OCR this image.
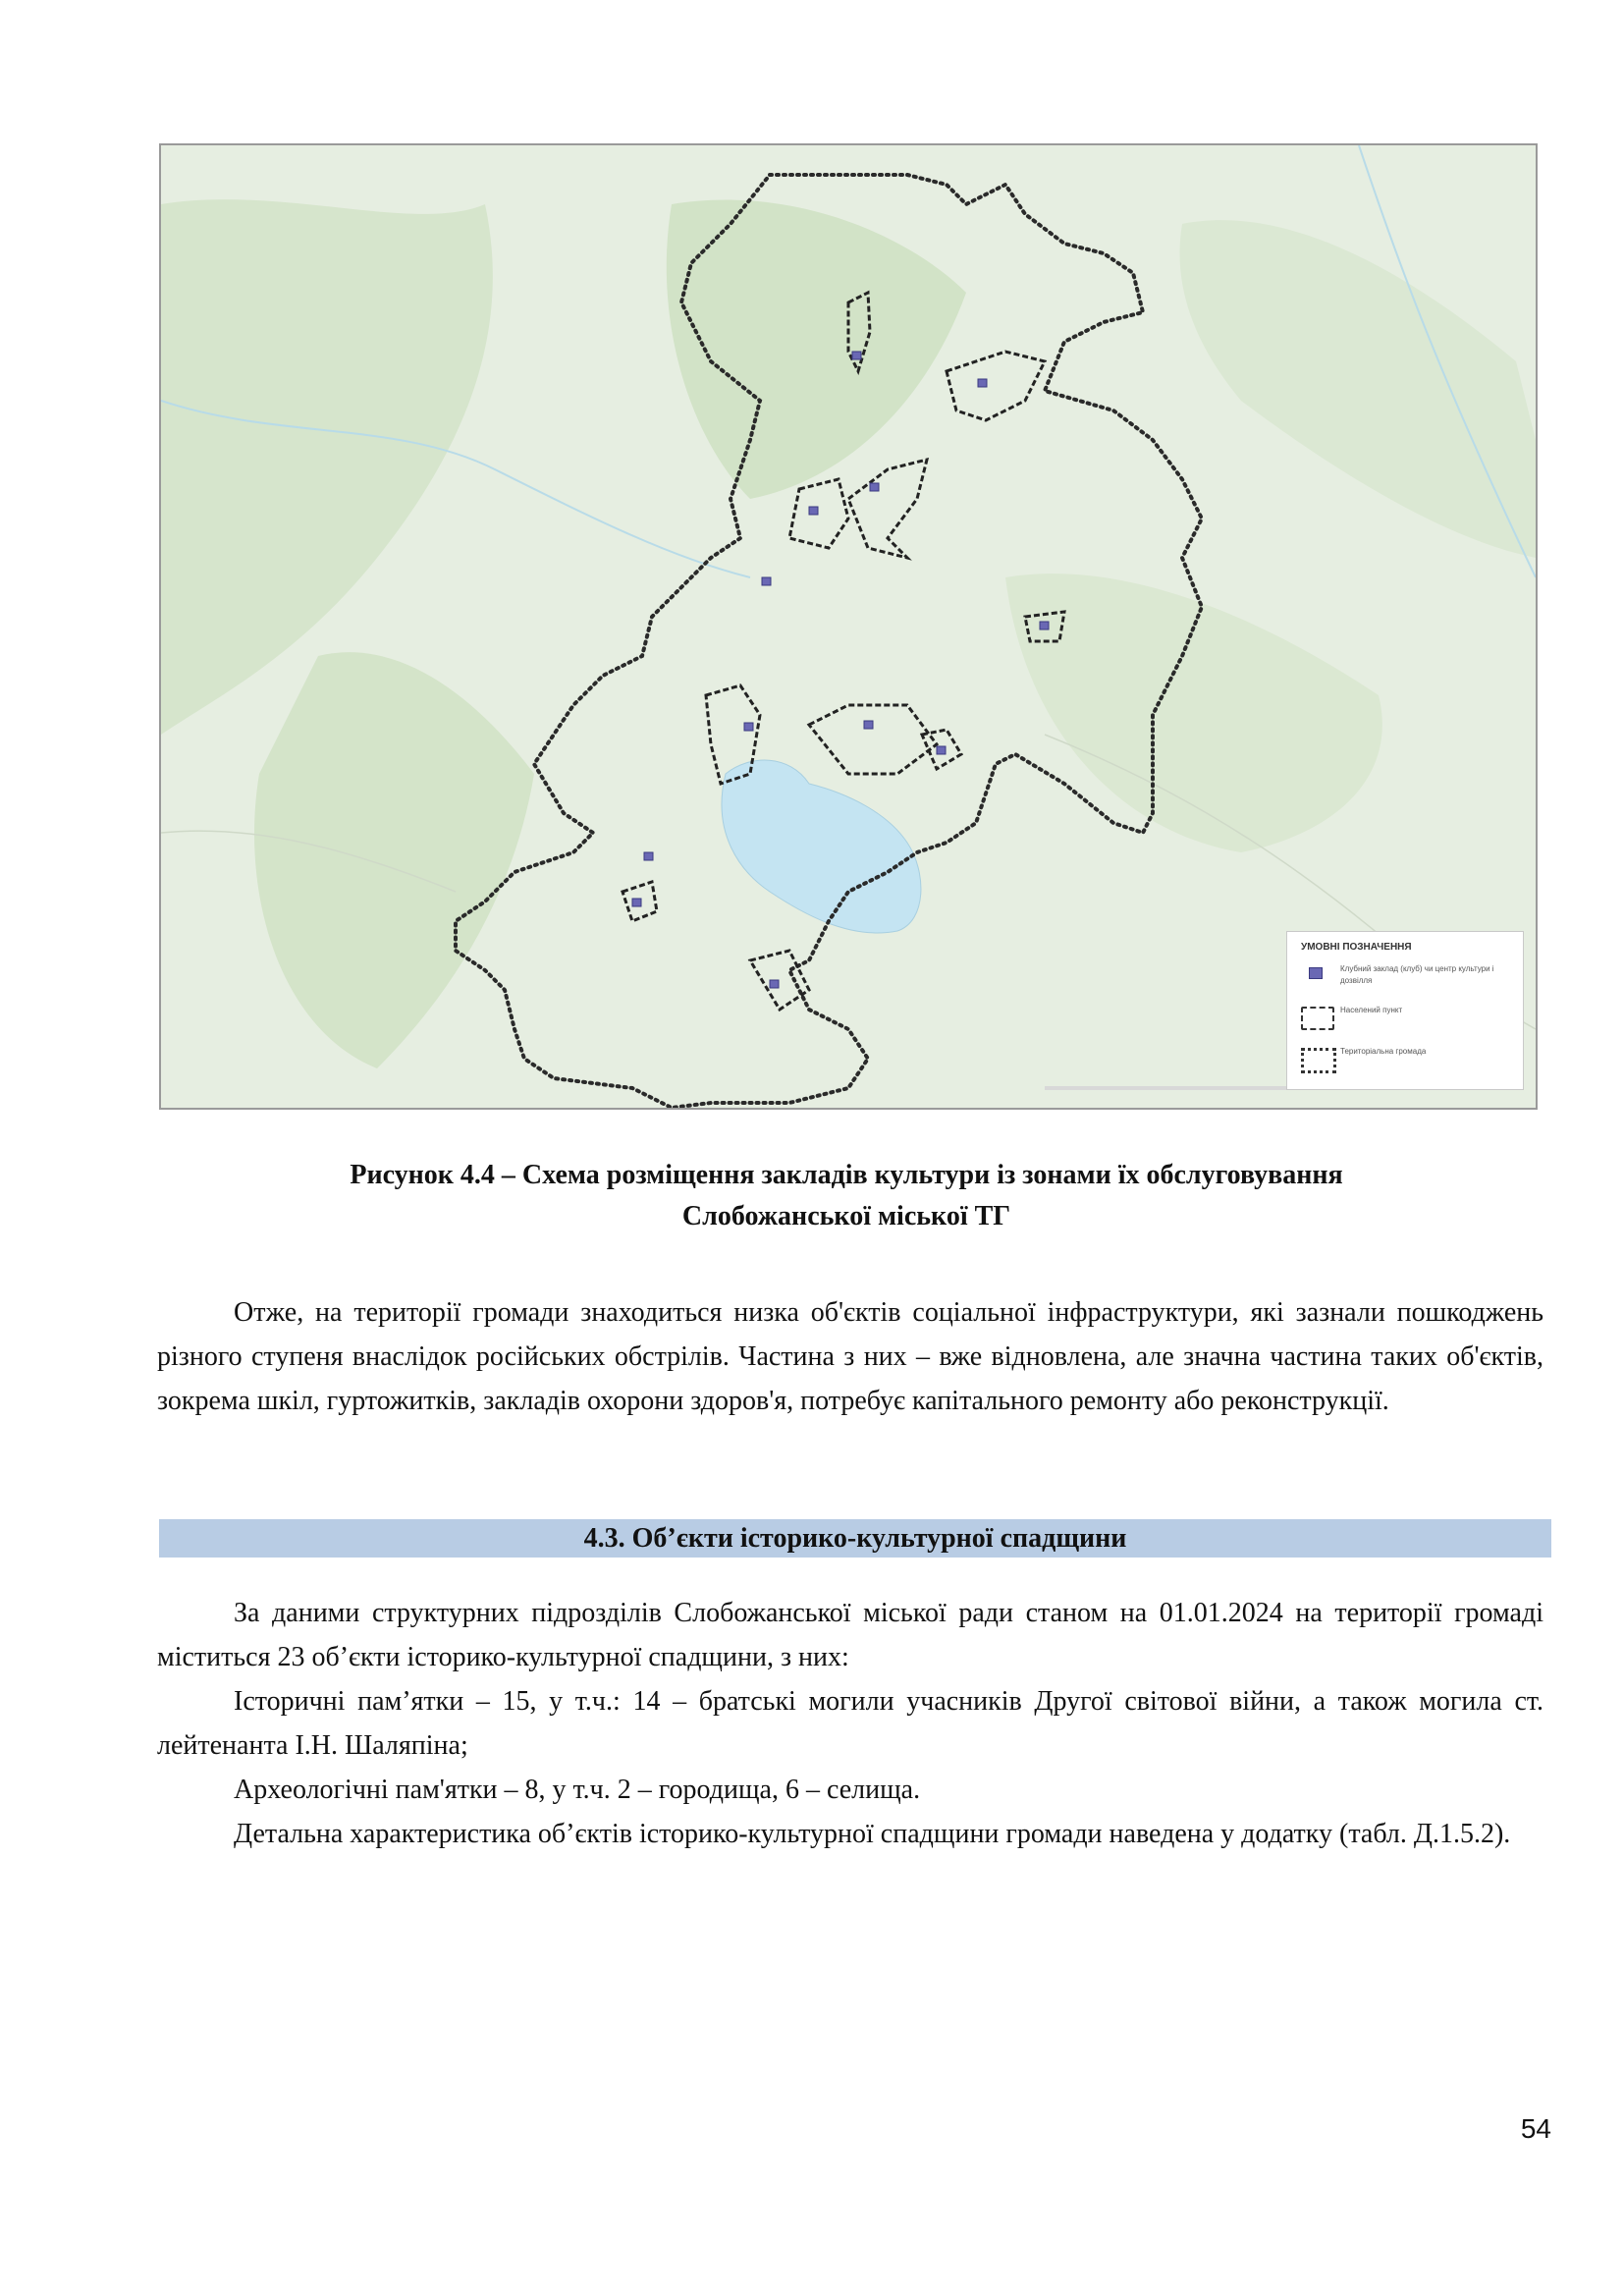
УМОВНІ ПОЗНАЧЕННЯ
Клубний заклад (клуб) чи центр культури і дозвілля
Населений пункт
Територіальна громада
Рисунок 4.4 – Схема розміщення закладів культури із зонами їх обслуговування
Слобожанської міської ТГ

Отже, на території громади знаходиться низка об'єктів соціальної інфраструктури, які зазнали пошкоджень різного ступеня внаслідок російських обстрілів. Частина з них – вже відновлена, але значна частина таких об'єктів, зокрема шкіл, гуртожитків, закладів охорони здоров'я, потребує капітального ремонту або реконструкції.

4.3. Об’єкти історико-культурної спадщини

За даними структурних підрозділів Слобожанської міської ради станом на 01.01.2024 на території громаді міститься 23 об’єкти історико-культурної спадщини, з них:

Історичні пам’ятки – 15, у т.ч.: 14 – братські могили учасників Другої світової війни, а також могила ст. лейтенанта І.Н. Шаляпіна;

Археологічні пам'ятки – 8, у т.ч. 2 – городища, 6 – селища.

Детальна характеристика об’єктів історико-культурної спадщини громади наведена у додатку (табл. Д.1.5.2).

54
